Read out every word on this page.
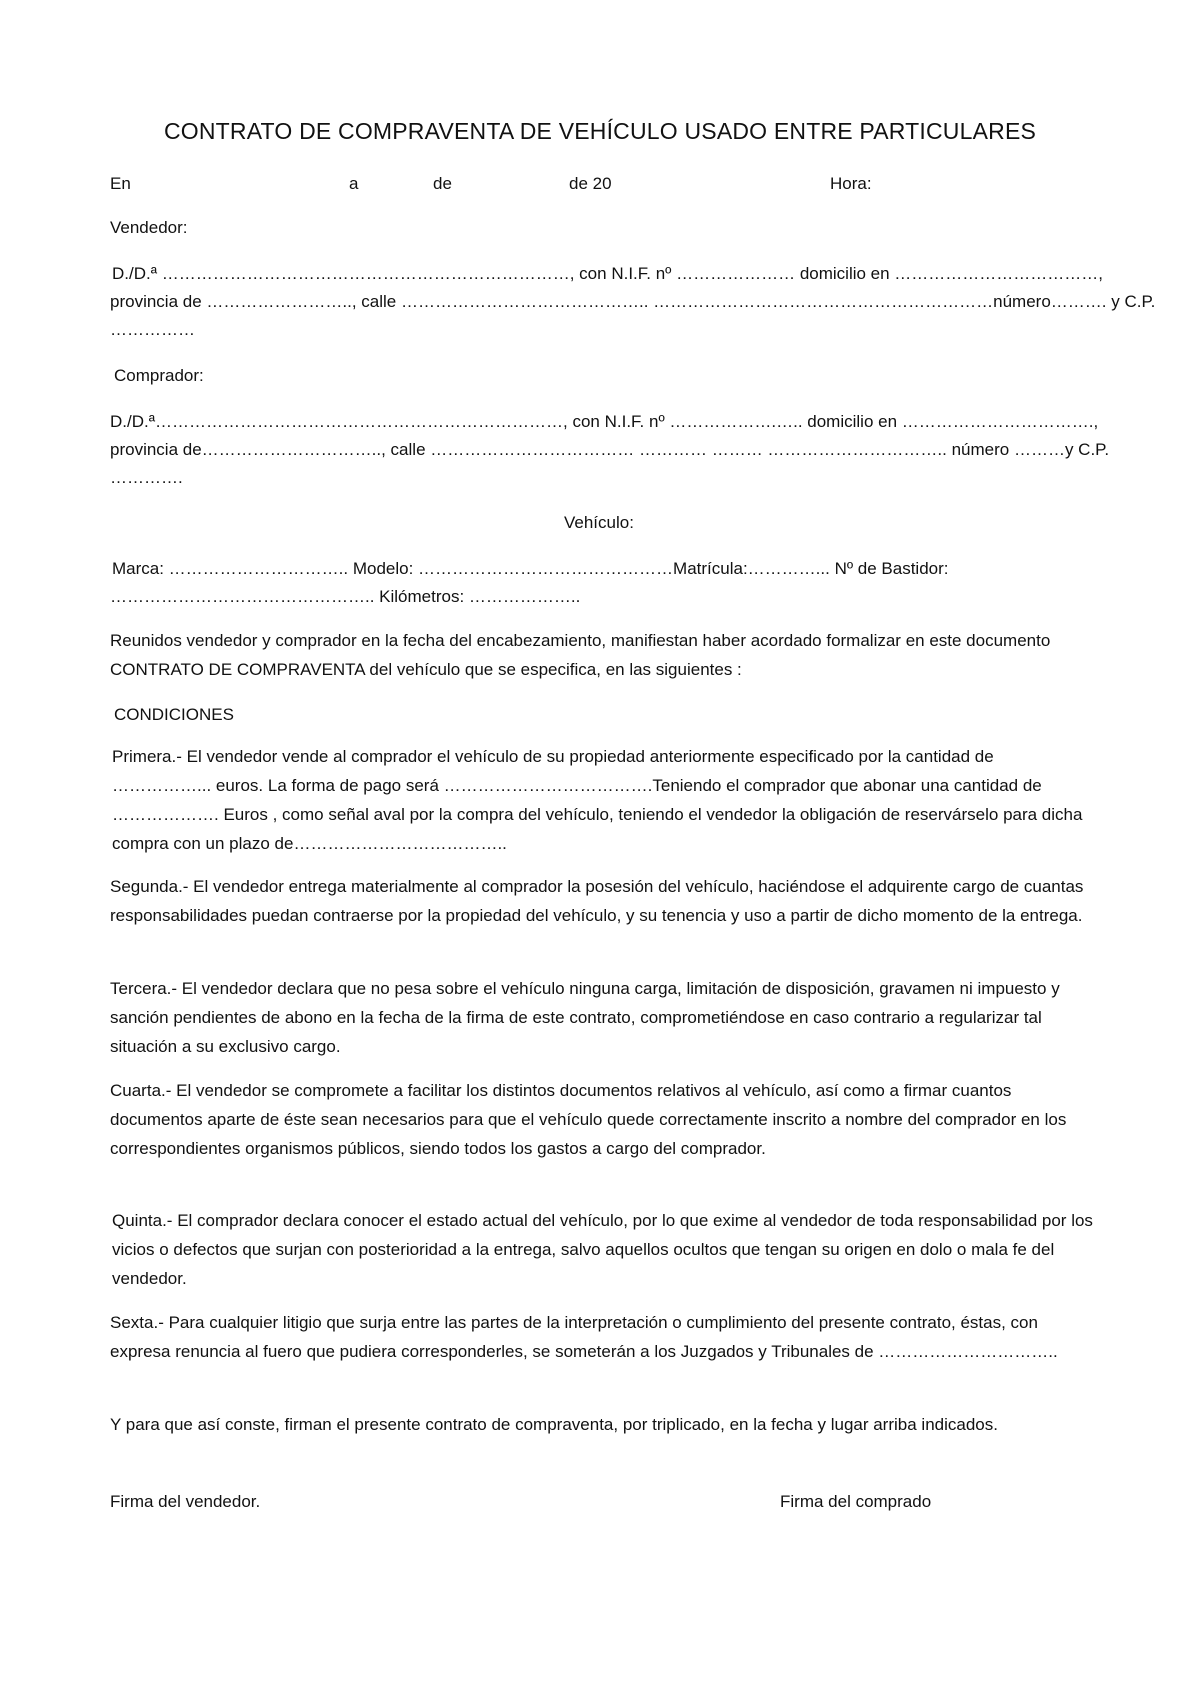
CONTRATO DE COMPRAVENTA DE VEHÍCULO USADO ENTRE PARTICULARES
En	a	de	de 20	Hora:
Vendedor:
D./D.ª ………………………………………………………………, con N.I.F. nº ………………… domicilio en ………………………………,
provincia de …………………….., calle …………………………………….. ……………………………………………………número………. y C.P.
……………
Comprador:
D./D.ª………………………………………………………………, con N.I.F. nº ……………….….. domicilio en …………………………….,
provincia de………………………….., calle ……………………………… ………… ……… ………………………….. número ………y C.P.
………….
Vehículo:
Marca: ………………………….. Modelo: ………………………………………Matrícula:…………... Nº de Bastidor:
……………………………………….. Kilómetros: ………………..

Reunidos vendedor y comprador en la fecha del encabezamiento, manifiestan haber acordado formalizar en este documento CONTRATO DE COMPRAVENTA del vehículo que se especifica, en las siguientes :

CONDICIONES

Primera.- El vendedor vende al comprador el vehículo de su propiedad anteriormente especificado por la cantidad de ……………... euros. La forma de pago será ……………………………….Teniendo el comprador que abonar una cantidad de ………………. Euros , como señal aval por la compra del vehículo, teniendo el vendedor la obligación de reservárselo para dicha compra con un plazo de………………………………..

Segunda.- El vendedor entrega materialmente al comprador la posesión del vehículo, haciéndose el adquirente cargo de cuantas responsabilidades puedan contraerse por la propiedad del vehículo, y su tenencia y uso a partir de dicho momento de la entrega.

Tercera.- El vendedor declara que no pesa sobre el vehículo ninguna carga, limitación de disposición, gravamen ni impuesto y sanción pendientes de abono en la fecha de la firma de este contrato, comprometiéndose en caso contrario a regularizar tal situación a su exclusivo cargo.

Cuarta.- El vendedor se compromete a facilitar los distintos documentos relativos al vehículo, así como a firmar cuantos documentos aparte de éste sean necesarios para que el vehículo quede correctamente inscrito a nombre del comprador en los correspondientes organismos públicos, siendo todos los gastos a cargo del comprador.

Quinta.- El comprador declara conocer el estado actual del vehículo, por lo que exime al vendedor de toda responsabilidad por los vicios o defectos que surjan con posterioridad a la entrega, salvo aquellos ocultos que tengan su origen en dolo o mala fe del vendedor.

Sexta.- Para cualquier litigio que surja entre las partes de la interpretación o cumplimiento del presente contrato, éstas, con expresa renuncia al fuero que pudiera corresponderles, se someterán a los Juzgados y Tribunales de …………………………..

Y para que así conste, firman el presente contrato de compraventa, por triplicado, en la fecha y lugar arriba indicados.

Firma del vendedor.	Firma del comprado
